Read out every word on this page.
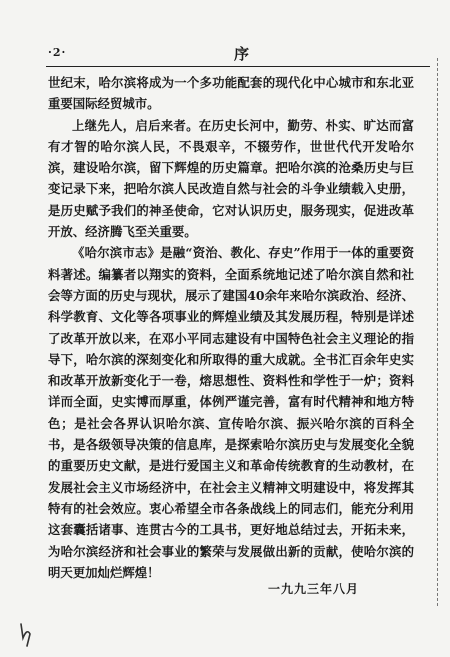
·2·	序

世纪末，哈尔滨将成为一个多功能配套的现代化中心城市和东北亚重要国际经贸城市。

上继先人，启后来者。在历史长河中，勤劳、朴实、旷达而富有才智的哈尔滨人民，不畏艰辛，不辍劳作，世世代代开发哈尔滨，建设哈尔滨，留下辉煌的历史篇章。把哈尔滨的沧桑历史与巨变记录下来，把哈尔滨人民改造自然与社会的斗争业绩载入史册，是历史赋予我们的神圣使命，它对认识历史，服务现实，促进改革开放、经济腾飞至关重要。

《哈尔滨市志》是融“资治、教化、存史”作用于一体的重要资料著述。编纂者以翔实的资料，全面系统地记述了哈尔滨自然和社会等方面的历史与现状，展示了建国40余年来哈尔滨政治、经济、科学教育、文化等各项事业的辉煌业绩及其发展历程，特别是详述了改革开放以来，在邓小平同志建设有中国特色社会主义理论的指导下，哈尔滨的深刻变化和所取得的重大成就。全书汇百余年史实和改革开放新变化于一卷，熔思想性、资料性和学性于一炉；资料详而全面，史实博而厚重，体例严谨完善，富有时代精神和地方特色；是社会各界认识哈尔滨、宣传哈尔滨、振兴哈尔滨的百科全书，是各级领导决策的信息库，是探索哈尔滨历史与发展变化全貌的重要历史文献，是进行爱国主义和革命传统教育的生动教材，在发展社会主义市场经济中，在社会主义精神文明建设中，将发挥其特有的社会效应。衷心希望全市各条战线上的同志们，能充分利用这套囊括诸事、连贯古今的工具书，更好地总结过去，开拓未来，为哈尔滨经济和社会事业的繁荣与发展做出新的贡献，使哈尔滨的明天更加灿烂辉煌！

一九九三年八月
